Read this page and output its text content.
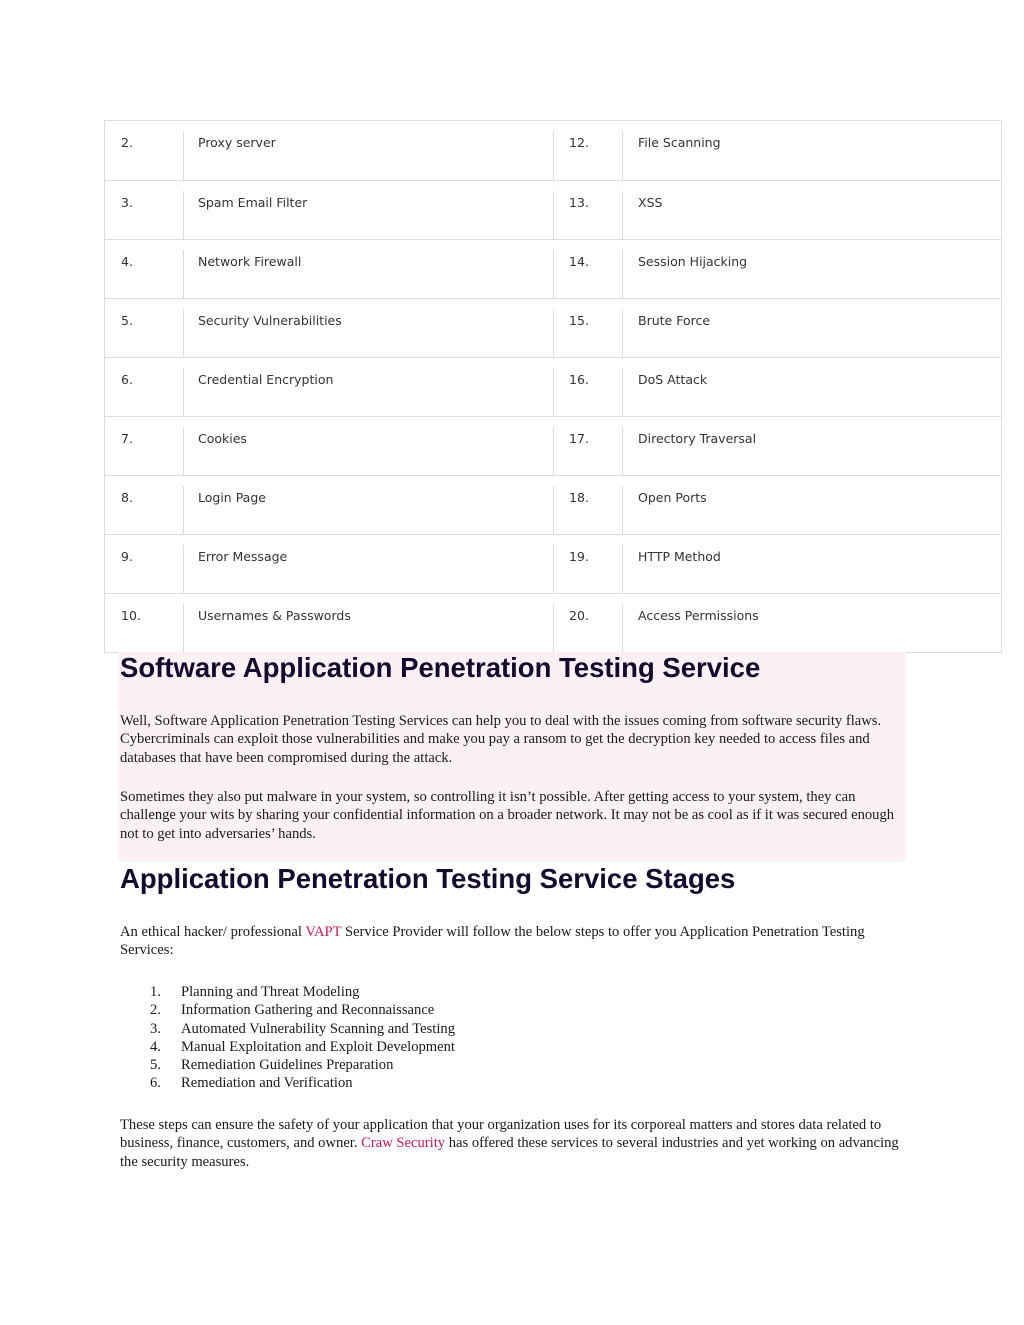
2.	Proxy server	12.	File Scanning
3.	Spam Email Filter	13.	XSS
4.	Network Firewall	14.	Session Hijacking
5.	Security Vulnerabilities	15.	Brute Force
6.	Credential Encryption	16.	DoS Attack
7.	Cookies	17.	Directory Traversal
8.	Login Page	18.	Open Ports
9.	Error Message	19.	HTTP Method
10.	Usernames & Passwords	20.	Access Permissions
Software Application Penetration Testing Service

Well, Software Application Penetration Testing Services can help you to deal with the issues coming from software security flaws. Cybercriminals can exploit those vulnerabilities and make you pay a ransom to get the decryption key needed to access files and databases that have been compromised during the attack.

Sometimes they also put malware in your system, so controlling it isn’t possible. After getting access to your system, they can challenge your wits by sharing your confidential information on a broader network. It may not be as cool as if it was secured enough not to get into adversaries’ hands.

Application Penetration Testing Service Stages

An ethical hacker/ professional VAPT Service Provider will follow the below steps to offer you Application Penetration Testing Services:

1.	Planning and Threat Modeling
2.	Information Gathering and Reconnaissance
3.	Automated Vulnerability Scanning and Testing
4.	Manual Exploitation and Exploit Development
5.	Remediation Guidelines Preparation
6.	Remediation and Verification

These steps can ensure the safety of your application that your organization uses for its corporeal matters and stores data related to business, finance, customers, and owner. Craw Security has offered these services to several industries and yet working on advancing the security measures.
